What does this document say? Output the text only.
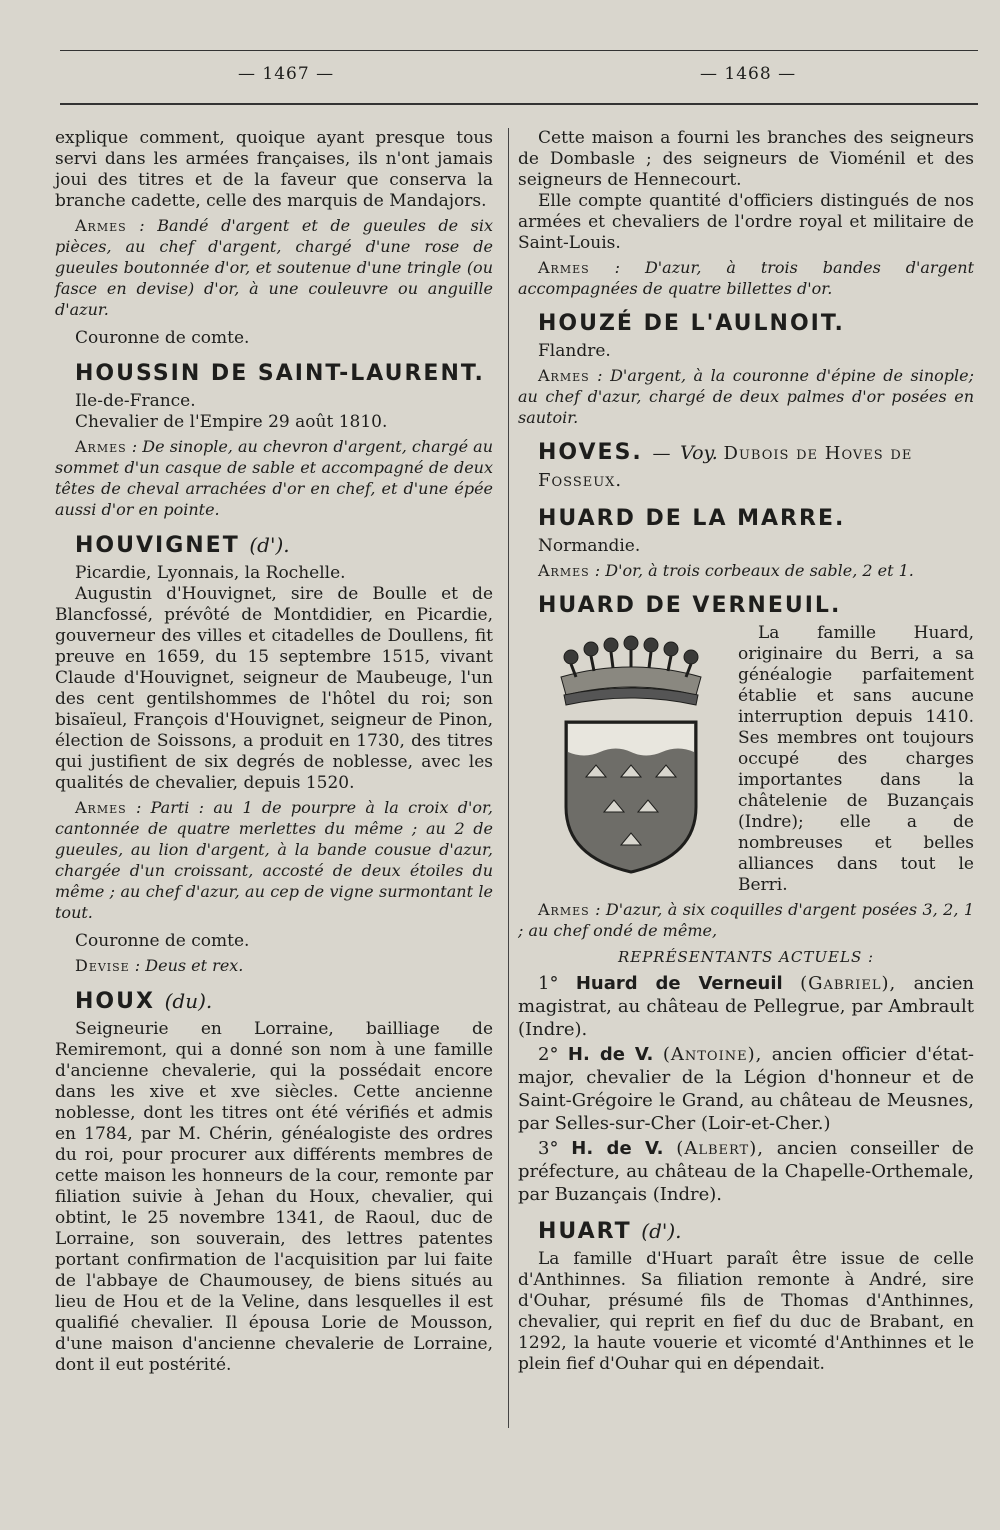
— 1467 —	— 1468 —

explique comment, quoique ayant presque tous servi dans les armées françaises, ils n'ont jamais joui des titres et de la faveur que conserva la branche cadette, celle des marquis de Mandajors.

Armes : Bandé d'argent et de gueules de six pièces, au chef d'argent, chargé d'une rose de gueules boutonnée d'or, et soutenue d'une tringle (ou fasce en devise) d'or, à une couleuvre ou anguille d'azur.

Couronne de comte.

HOUSSIN DE SAINT-LAURENT.

Ile-de-France.

Chevalier de l'Empire 29 août 1810.

Armes : De sinople, au chevron d'argent, chargé au sommet d'un casque de sable et accompagné de deux têtes de cheval arrachées d'or en chef, et d'une épée aussi d'or en pointe.

HOUVIGNET (d').

Picardie, Lyonnais, la Rochelle.

Augustin d'Houvignet, sire de Boulle et de Blancfossé, prévôté de Montdidier, en Picardie, gouverneur des villes et citadelles de Doullens, fit preuve en 1659, du 15 septembre 1515, vivant Claude d'Houvignet, seigneur de Maubeuge, l'un des cent gentilshommes de l'hôtel du roi; son bisaïeul, François d'Houvignet, seigneur de Pinon, élection de Soissons, a produit en 1730, des titres qui justifient de six degrés de noblesse, avec les qualités de chevalier, depuis 1520.

Armes : Parti : au 1 de pourpre à la croix d'or, cantonnée de quatre merlettes du même ; au 2 de gueules, au lion d'argent, à la bande cousue d'azur, chargée d'un croissant, accosté de deux étoiles du même ; au chef d'azur, au cep de vigne surmontant le tout.

Couronne de comte.

Devise : Deus et rex.

HOUX (du).

Seigneurie en Lorraine, bailliage de Remiremont, qui a donné son nom à une famille d'ancienne chevalerie, qui la possédait encore dans les xive et xve siècles. Cette ancienne noblesse, dont les titres ont été vérifiés et admis en 1784, par M. Chérin, généalogiste des ordres du roi, pour procurer aux différents membres de cette maison les honneurs de la cour, remonte par filiation suivie à Jehan du Houx, chevalier, qui obtint, le 25 novembre 1341, de Raoul, duc de Lorraine, son souverain, des lettres patentes portant confirmation de l'acquisition par lui faite de l'abbaye de Chaumousey, de biens situés au lieu de Hou et de la Veline, dans lesquelles il est qualifié chevalier. Il épousa Lorie de Mousson, d'une maison d'ancienne chevalerie de Lorraine, dont il eut postérité.

Cette maison a fourni les branches des seigneurs de Dombasle ; des seigneurs de Vioménil et des seigneurs de Hennecourt.

Elle compte quantité d'officiers distingués de nos armées et chevaliers de l'ordre royal et militaire de Saint-Louis.

Armes : D'azur, à trois bandes d'argent accompagnées de quatre billettes d'or.

HOUZÉ DE L'AULNOIT.

Flandre.

Armes : D'argent, à la couronne d'épine de sinople; au chef d'azur, chargé de deux palmes d'or posées en sautoir.

HOVES. — Voy. Dubois de Hoves de Fosseux.
HUARD DE LA MARRE.

Normandie.

Armes : D'or, à trois corbeaux de sable, 2 et 1.

HUARD DE VERNEUIL.

La famille Huard, originaire du Berri, a sa généalogie parfaitement établie et sans aucune interruption depuis 1410. Ses membres ont toujours occupé des charges importantes dans la châtelenie de Buzançais (Indre); elle a de nombreuses et belles alliances dans tout le Berri.

Armes : D'azur, à six coquilles d'argent posées 3, 2, 1 ; au chef ondé de même,

REPRÉSENTANTS ACTUELS :

1° Huard de Verneuil (Gabriel), ancien magistrat, au château de Pellegrue, par Ambrault (Indre).

2° H. de V. (Antoine), ancien officier d'état-major, chevalier de la Légion d'honneur et de Saint-Grégoire le Grand, au château de Meusnes, par Selles-sur-Cher (Loir-et-Cher.)

3° H. de V. (Albert), ancien conseiller de préfecture, au château de la Chapelle-Orthemale, par Buzançais (Indre).

HUART (d').

La famille d'Huart paraît être issue de celle d'Anthinnes. Sa filiation remonte à André, sire d'Ouhar, présumé fils de Thomas d'Anthinnes, chevalier, qui reprit en fief du duc de Brabant, en 1292, la haute vouerie et vicomté d'Anthinnes et le plein fief d'Ouhar qui en dépendait.
